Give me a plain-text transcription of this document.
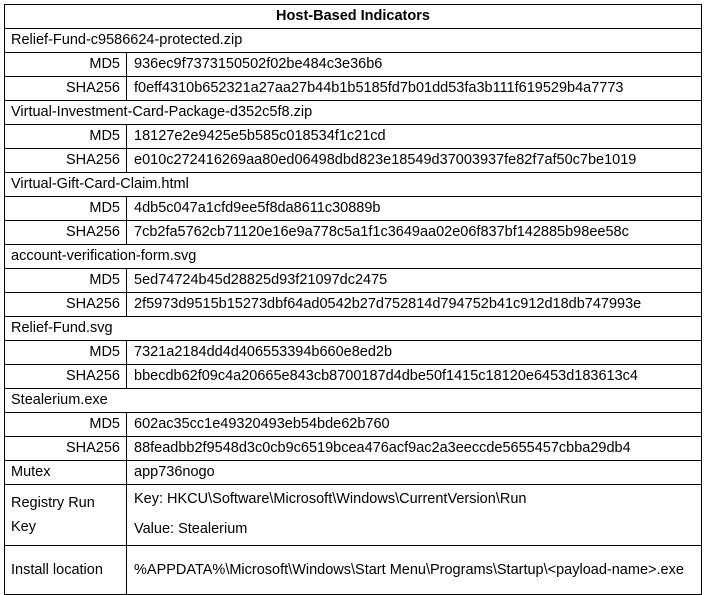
Host-Based Indicators	
Relief-Fund-c9586624-protected.zip	
MD5	936ec9f7373150502f02be484c3e36b6
SHA256	f0eff4310b652321a27aa27b44b1b5185fd7b01dd53fa3b111f619529b4a7773
Virtual-Investment-Card-Package-d352c5f8.zip	
MD5	18127e2e9425e5b585c018534f1c21cd
SHA256	e010c272416269aa80ed06498dbd823e18549d37003937fe82f7af50c7be1019
Virtual-Gift-Card-Claim.html	
MD5	4db5c047a1cfd9ee5f8da8611c30889b
SHA256	7cb2fa5762cb71120e16e9a778c5a1f1c3649aa02e06f837bf142885b98ee58c
account-verification-form.svg	
MD5	5ed74724b45d28825d93f21097dc2475
SHA256	2f5973d9515b15273dbf64ad0542b27d752814d794752b41c912d18db747993e
Relief-Fund.svg	
MD5	7321a2184dd4d406553394b660e8ed2b
SHA256	bbecdb62f09c4a20665e843cb8700187d4dbe50f1415c18120e6453d183613c4
Stealerium.exe	
MD5	602ac35cc1e49320493eb54bde62b760
SHA256	88feadbb2f9548d3c0cb9c6519bcea476acf9ac2a3eeccde5655457cbba29db4
Mutex	app736nogo
Registry Run Key	Key: HKCU\Software\Microsoft\Windows\CurrentVersion\Run
Value: Stealerium

Install location	%APPDATA%\Microsoft\Windows\Start Menu\Programs\Startup\<payload-name>.exe
